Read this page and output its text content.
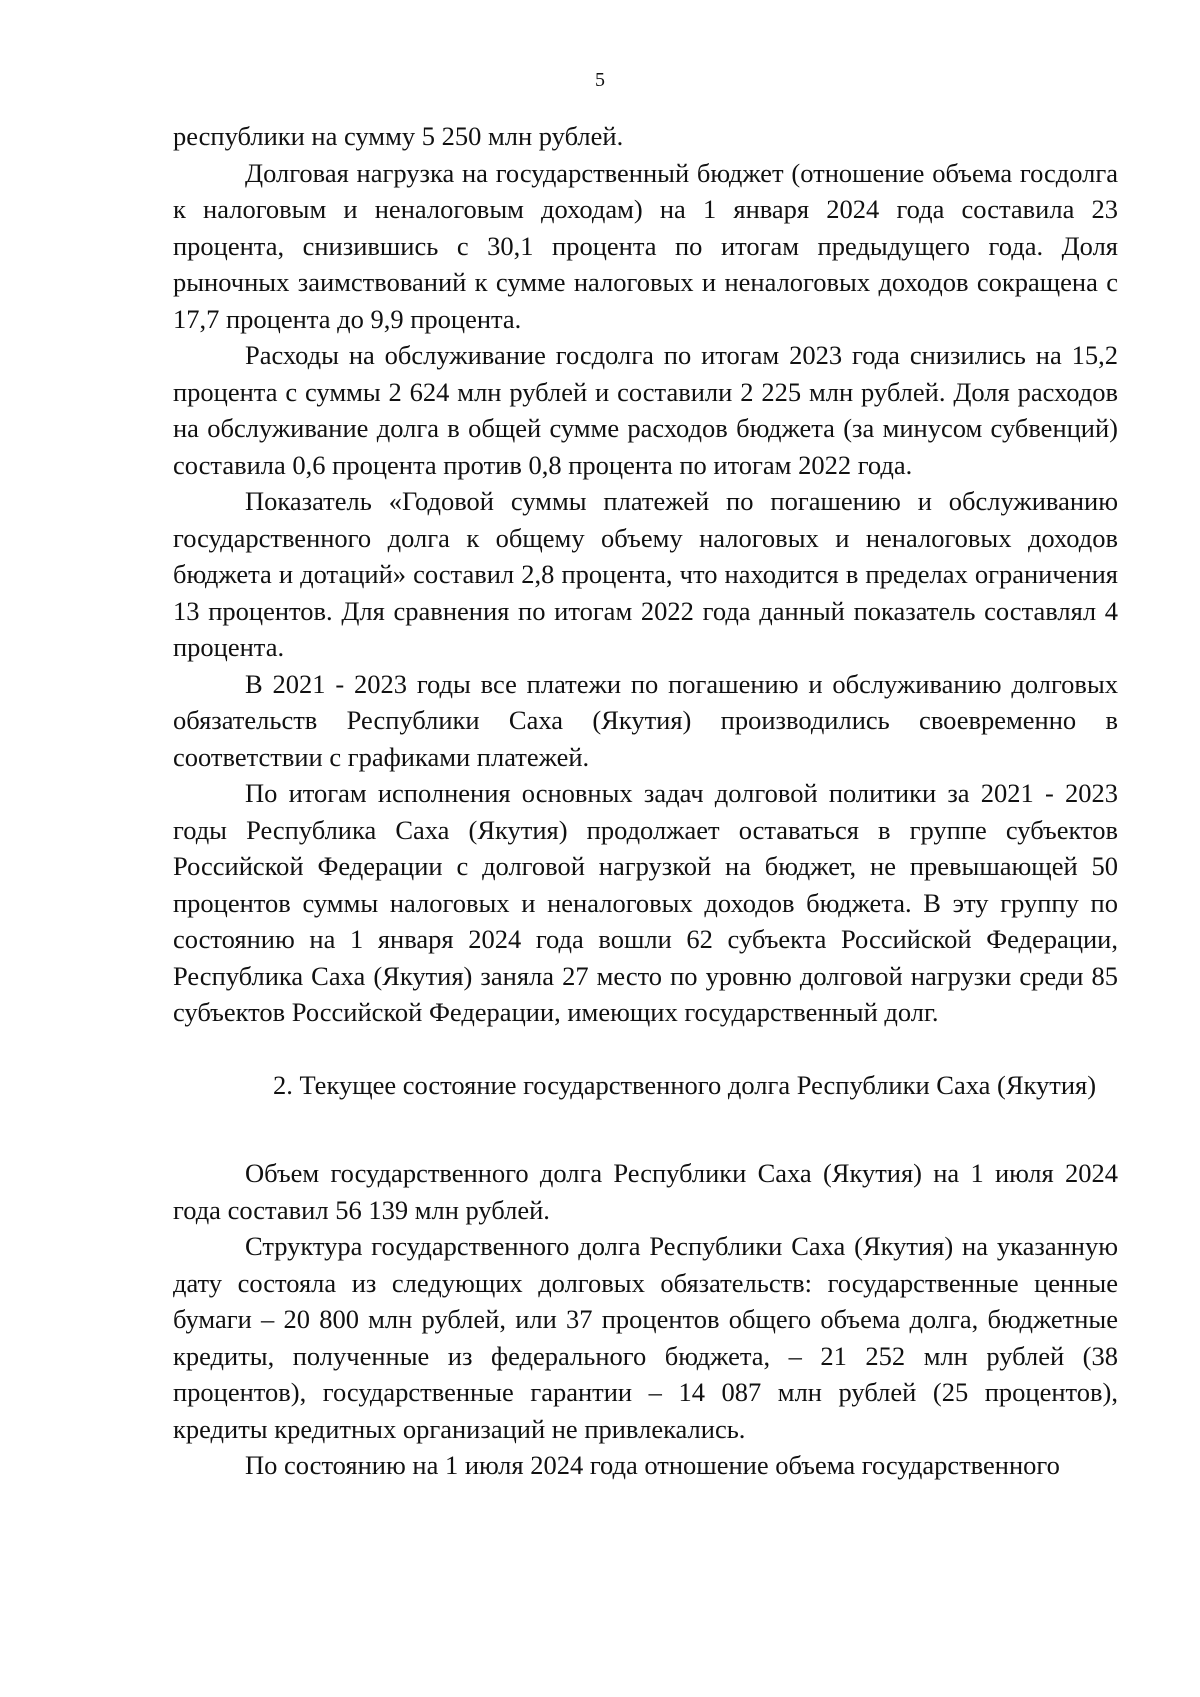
5

республики на сумму 5 250 млн рублей.

Долговая нагрузка на государственный бюджет (отношение объема госдолга к налоговым и неналоговым доходам) на 1 января 2024 года составила 23 процента, снизившись с 30,1 процента по итогам предыдущего года. Доля рыночных заимствований к сумме налоговых и неналоговых доходов сокращена с 17,7 процента до 9,9 процента.

Расходы на обслуживание госдолга по итогам 2023 года снизились на 15,2 процента с суммы 2 624 млн рублей и составили 2 225 млн рублей. Доля расходов на обслуживание долга в общей сумме расходов бюджета (за минусом субвенций) составила 0,6 процента против 0,8 процента по итогам 2022 года.

Показатель «Годовой суммы платежей по погашению и обслуживанию государственного долга к общему объему налоговых и неналоговых доходов бюджета и дотаций» составил 2,8 процента, что находится в пределах ограничения 13 процентов. Для сравнения по итогам 2022 года данный показатель составлял 4 процента.

В 2021 - 2023 годы все платежи по погашению и обслуживанию долговых обязательств Республики Саха (Якутия) производились своевременно в соответствии с графиками платежей.

По итогам исполнения основных задач долговой политики за 2021 - 2023 годы Республика Саха (Якутия) продолжает оставаться в группе субъектов Российской Федерации с долговой нагрузкой на бюджет, не превышающей 50 процентов суммы налоговых и неналоговых доходов бюджета. В эту группу по состоянию на 1 января 2024 года вошли 62 субъекта Российской Федерации, Республика Саха (Якутия) заняла 27 место по уровню долговой нагрузки среди 85 субъектов Российской Федерации, имеющих государственный долг.

2. Текущее состояние государственного долга Республики Саха (Якутия)

Объем государственного долга Республики Саха (Якутия) на 1 июля 2024 года составил 56 139 млн рублей.

Структура государственного долга Республики Саха (Якутия) на указанную дату состояла из следующих долговых обязательств: государственные ценные бумаги – 20 800 млн рублей, или 37 процентов общего объема долга, бюджетные кредиты, полученные из федерального бюджета, – 21 252 млн рублей (38 процентов), государственные гарантии – 14 087 млн рублей (25 процентов), кредиты кредитных организаций не привлекались.

По состоянию на 1 июля 2024 года отношение объема государственного
